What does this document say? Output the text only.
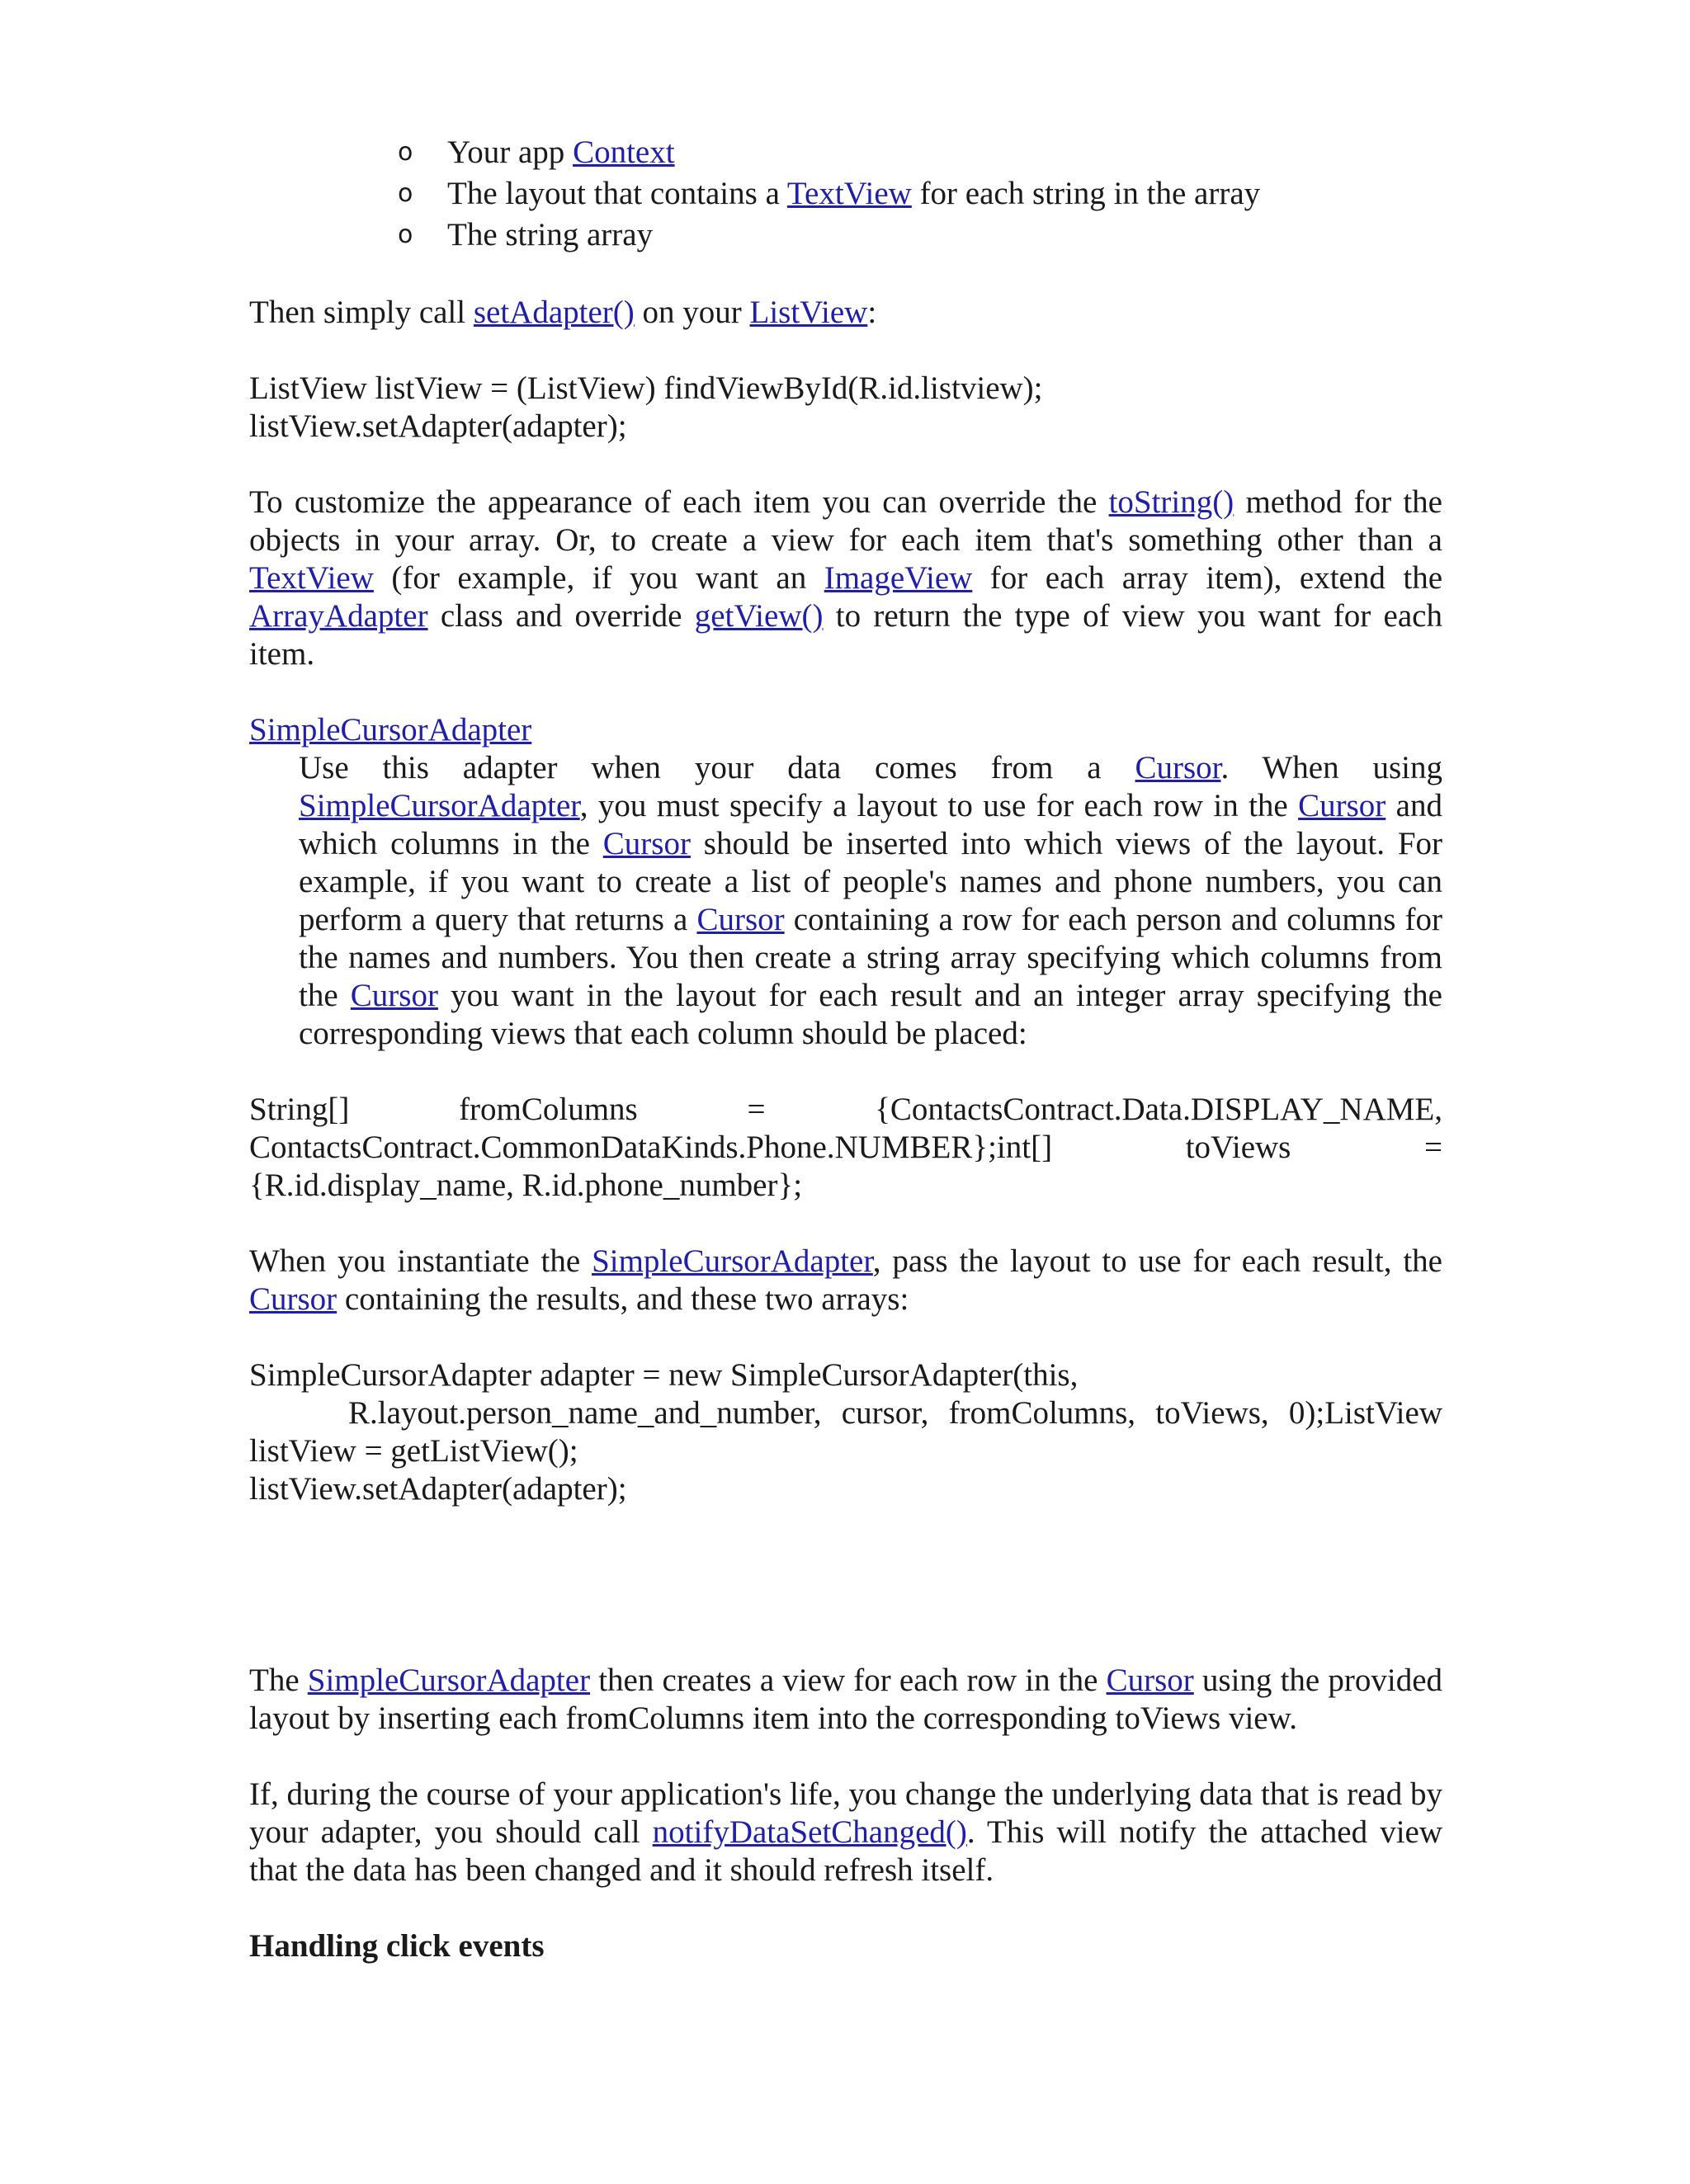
o Your app Context
o The layout that contains a TextView for each string in the array
o The string array

Then simply call setAdapter() on your ListView:

ListView listView = (ListView) findViewById(R.id.listview);

listView.setAdapter(adapter);

To customize the appearance of each item you can override the toString() method for the objects in your array. Or, to create a view for each item that's something other than a TextView (for example, if you want an ImageView for each array item), extend the ArrayAdapter class and override getView() to return the type of view you want for each item.

SimpleCursorAdapter

Use this adapter when your data comes from a Cursor. When using SimpleCursorAdapter, you must specify a layout to use for each row in the Cursor and which columns in the Cursor should be inserted into which views of the layout. For example, if you want to create a list of people's names and phone numbers, you can perform a query that returns a Cursor containing a row for each person and columns for the names and numbers. You then create a string array specifying which columns from the Cursor you want in the layout for each result and an integer array specifying the corresponding views that each column should be placed:

String[]	fromColumns	=	{ContactsContract.Data.DISPLAY_NAME,
ContactsContract.CommonDataKinds.Phone.NUMBER};int[]	toViews	=

{R.id.display_name, R.id.phone_number};

When you instantiate the SimpleCursorAdapter, pass the layout to use for each result, the Cursor containing the results, and these two arrays:

SimpleCursorAdapter adapter = new SimpleCursorAdapter(this,

R.layout.person_name_and_number, cursor, fromColumns, toViews, 0);ListView

listView = getListView();

listView.setAdapter(adapter);

The SimpleCursorAdapter then creates a view for each row in the Cursor using the provided layout by inserting each fromColumns item into the corresponding toViews view.

If, during the course of your application's life, you change the underlying data that is read by your adapter, you should call notifyDataSetChanged(). This will notify the attached view that the data has been changed and it should refresh itself.

Handling click events
